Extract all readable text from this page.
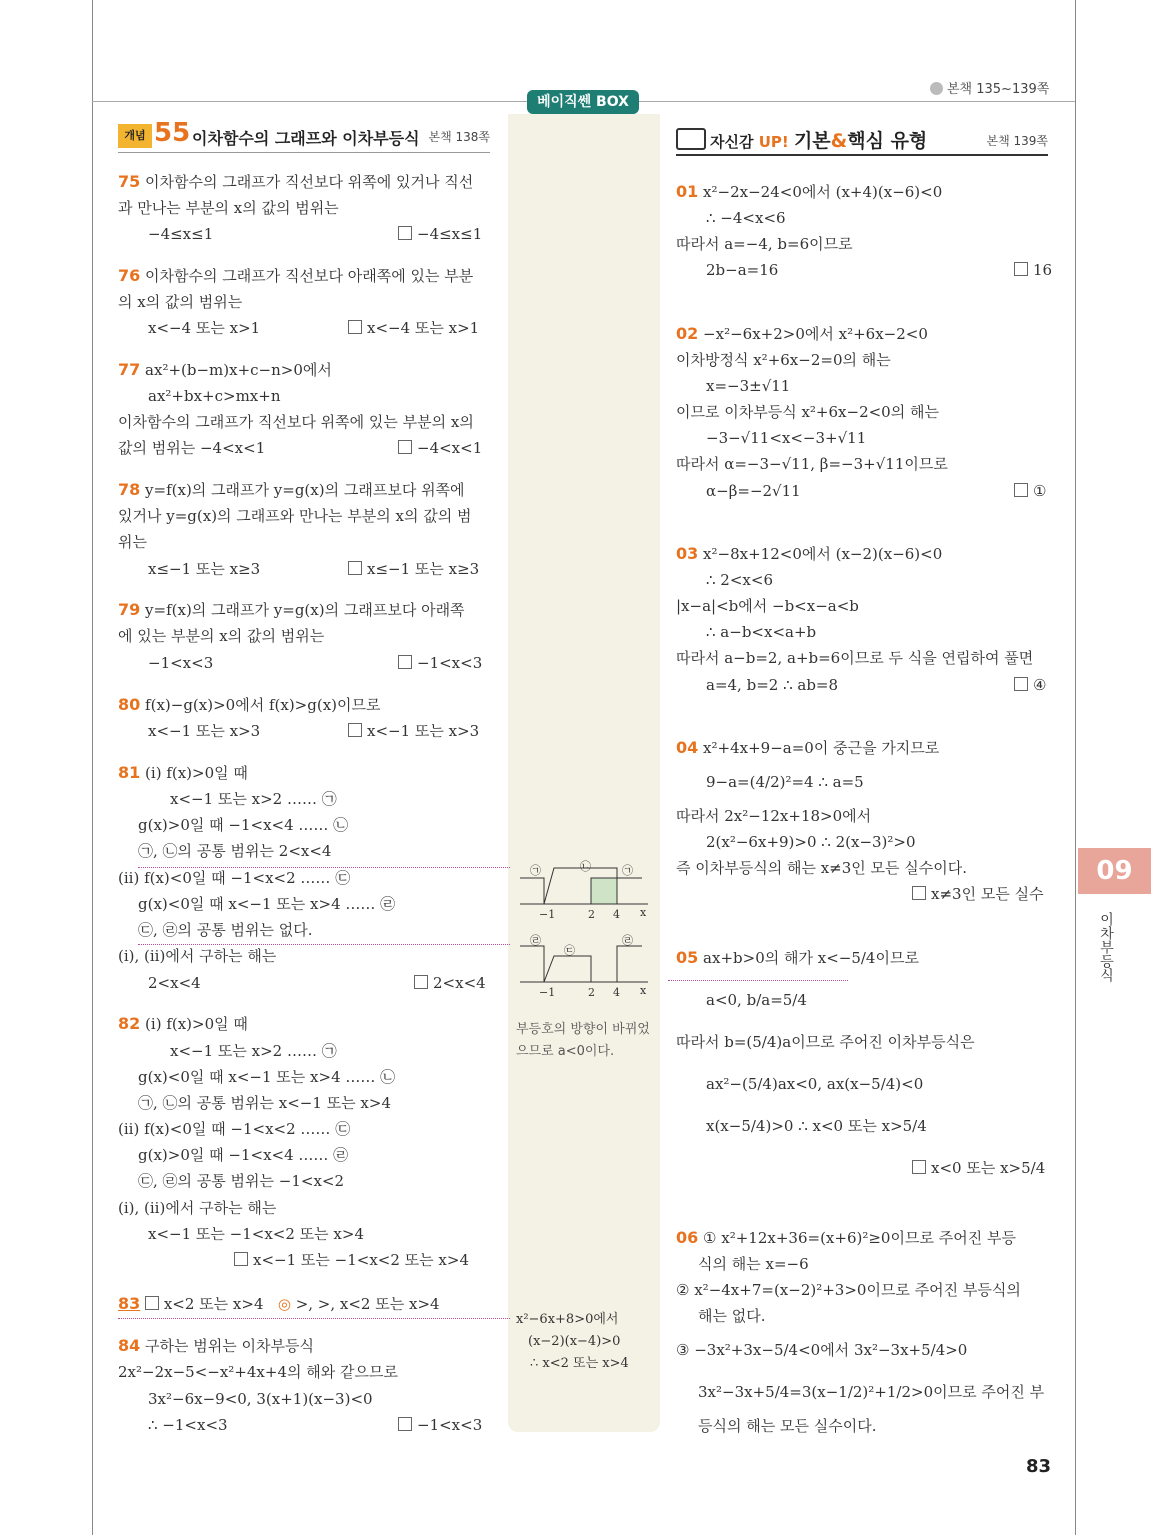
본책 135~139쪽
베이직쎈 BOX
개념 55 이차함수의 그래프와 이차부등식 본책 138쪽	자신감 UP! 기본&핵심 유형	본책 139쪽
75 이차함수의 그래프가 직선보다 위쪽에 있거나 직선
과 만나는 부분의 x의 값의 범위는
−4≤x≤1	−4≤x≤1
76 이차함수의 그래프가 직선보다 아래쪽에 있는 부분
의 x의 값의 범위는
x<−4 또는 x>1	x<−4 또는 x>1
77 ax²+(b−m)x+c−n>0에서
ax²+bx+c>mx+n
이차함수의 그래프가 직선보다 위쪽에 있는 부분의 x의
값의 범위는 −4<x<1	−4<x<1
78 y=f(x)의 그래프가 y=g(x)의 그래프보다 위쪽에
있거나 y=g(x)의 그래프와 만나는 부분의 x의 값의 범
위는
x≤−1 또는 x≥3	x≤−1 또는 x≥3
79 y=f(x)의 그래프가 y=g(x)의 그래프보다 아래쪽
에 있는 부분의 x의 값의 범위는
−1<x<3	−1<x<3
80 f(x)−g(x)>0에서 f(x)>g(x)이므로
x<−1 또는 x>3	x<−1 또는 x>3
81 (i) f(x)>0일 때
x<−1 또는 x>2 …… ㉠
g(x)>0일 때 −1<x<4 …… ㉡
㉠, ㉡의 공통 범위는 2<x<4
(ii) f(x)<0일 때 −1<x<2 …… ㉢
g(x)<0일 때 x<−1 또는 x>4 …… ㉣
㉢, ㉣의 공통 범위는 없다.
(i), (ii)에서 구하는 해는
2<x<4	2<x<4
82 (i) f(x)>0일 때
x<−1 또는 x>2 …… ㉠
g(x)<0일 때 x<−1 또는 x>4 …… ㉡
㉠, ㉡의 공통 범위는 x<−1 또는 x>4
(ii) f(x)<0일 때 −1<x<2 …… ㉢
g(x)>0일 때 −1<x<4 …… ㉣
㉢, ㉣의 공통 범위는 −1<x<2
(i), (ii)에서 구하는 해는
x<−1 또는 −1<x<2 또는 x>4
x<−1 또는 −1<x<2 또는 x>4
83 x<2 또는 x>4 ◎ >, >, x<2 또는 x>4
84 구하는 범위는 이차부등식
2x²−2x−5<−x²+4x+4의 해와 같으므로
3x²−6x−9<0, 3(x+1)(x−3)<0
∴ −1<x<3	−1<x<3
㉠	㉡	㉠
−1	2 4 x
㉣
㉢
㉣
−1	2 4 x
부등호의 방향이 바뀌었
으므로 a<0이다.
x²−6x+8>0에서
(x−2)(x−4)>0
∴ x<2 또는 x>4
01 x²−2x−24<0에서 (x+4)(x−6)<0
∴ −4<x<6
따라서 a=−4, b=6이므로
2b−a=16	16
02 −x²−6x+2>0에서 x²+6x−2<0
이차방정식 x²+6x−2=0의 해는
x=−3±√11
이므로 이차부등식 x²+6x−2<0의 해는
−3−√11<x<−3+√11
따라서 α=−3−√11, β=−3+√11이므로
α−β=−2√11	①
03 x²−8x+12<0에서 (x−2)(x−6)<0
∴ 2<x<6
|x−a|<b에서 −b<x−a<b
∴ a−b<x<a+b
따라서 a−b=2, a+b=6이므로 두 식을 연립하여 풀면
a=4, b=2 ∴ ab=8	④
04 x²+4x+9−a=0이 중근을 가지므로
9−a=(4/2)²=4 ∴ a=5
따라서 2x²−12x+18>0에서
2(x²−6x+9)>0 ∴ 2(x−3)²>0
즉 이차부등식의 해는 x≠3인 모든 실수이다.
x≠3인 모든 실수
05 ax+b>0의 해가 x<−5/4이므로
a<0, b/a=5/4
따라서 b=(5/4)a이므로 주어진 이차부등식은
ax²−(5/4)ax<0, ax(x−5/4)<0
x(x−5/4)>0 ∴ x<0 또는 x>5/4
x<0 또는 x>5/4
06 ① x²+12x+36=(x+6)²≥0이므로 주어진 부등
식의 해는 x=−6
② x²−4x+7=(x−2)²+3>0이므로 주어진 부등식의
해는 없다.
③ −3x²+3x−5/4<0에서 3x²−3x+5/4>0
3x²−3x+5/4=3(x−1/2)²+1/2>0이므로 주어진 부
등식의 해는 모든 실수이다.
09
이차부등식
83
